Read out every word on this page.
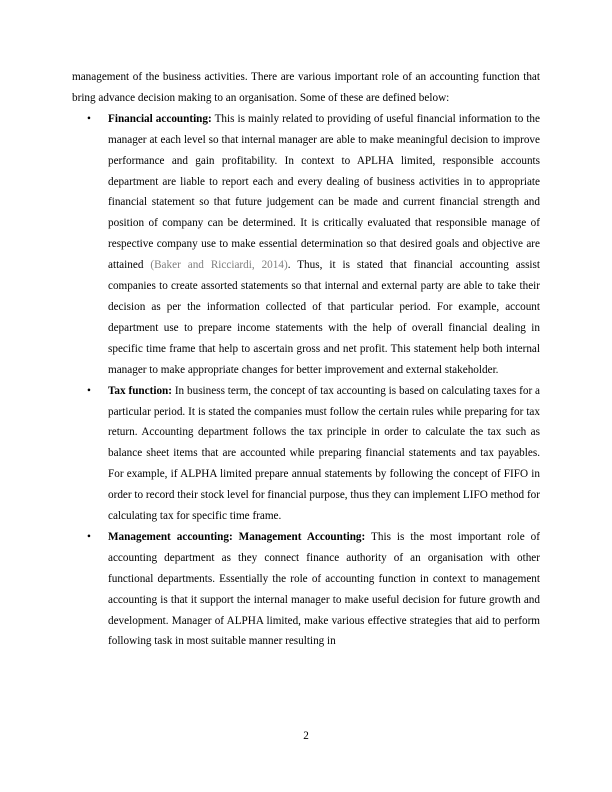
management of the business activities. There are various important role of an accounting function that bring advance decision making to an organisation. Some of these are defined below:

• Financial accounting: This is mainly related to providing of useful financial information to the manager at each level so that internal manager are able to make meaningful decision to improve performance and gain profitability. In context to APLHA limited, responsible accounts department are liable to report each and every dealing of business activities in to appropriate financial statement so that future judgement can be made and current financial strength and position of company can be determined. It is critically evaluated that responsible manage of respective company use to make essential determination so that desired goals and objective are attained (Baker and Ricciardi, 2014). Thus, it is stated that financial accounting assist companies to create assorted statements so that internal and external party are able to take their decision as per the information collected of that particular period. For example, account department use to prepare income statements with the help of overall financial dealing in specific time frame that help to ascertain gross and net profit. This statement help both internal manager to make appropriate changes for better improvement and external stakeholder.
• Tax function: In business term, the concept of tax accounting is based on calculating taxes for a particular period. It is stated the companies must follow the certain rules while preparing for tax return. Accounting department follows the tax principle in order to calculate the tax such as balance sheet items that are accounted while preparing financial statements and tax payables. For example, if ALPHA limited prepare annual statements by following the concept of FIFO in order to record their stock level for financial purpose, thus they can implement LIFO method for calculating tax for specific time frame.
• Management accounting: Management Accounting: This is the most important role of accounting department as they connect finance authority of an organisation with other functional departments. Essentially the role of accounting function in context to management accounting is that it support the internal manager to make useful decision for future growth and development. Manager of ALPHA limited, make various effective strategies that aid to perform following task in most suitable manner resulting in
2
